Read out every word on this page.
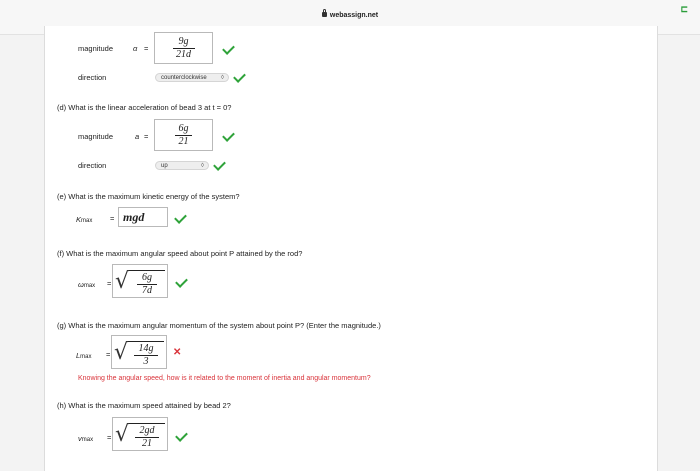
webassign.net
⊏
magnitude	α =
9g
21d
direction	counterclockwise ◊
(d) What is the linear acceleration of bead 3 at t = 0?
magnitude	a =
6g
21
direction	up	◊
(e) What is the maximum kinetic energy of the system?
Kmax = mgd
(f) What is the maximum angular speed about point P attained by the rod?
ωmax = √	6g
7d
(g) What is the maximum angular momentum of the system about point P? (Enter the magnitude.)
Lmax = √	14g
3
✕
Knowing the angular speed, how is it related to the moment of inertia and angular momentum?
(h) What is the maximum speed attained by bead 2?
vmax = √	2gd
21
